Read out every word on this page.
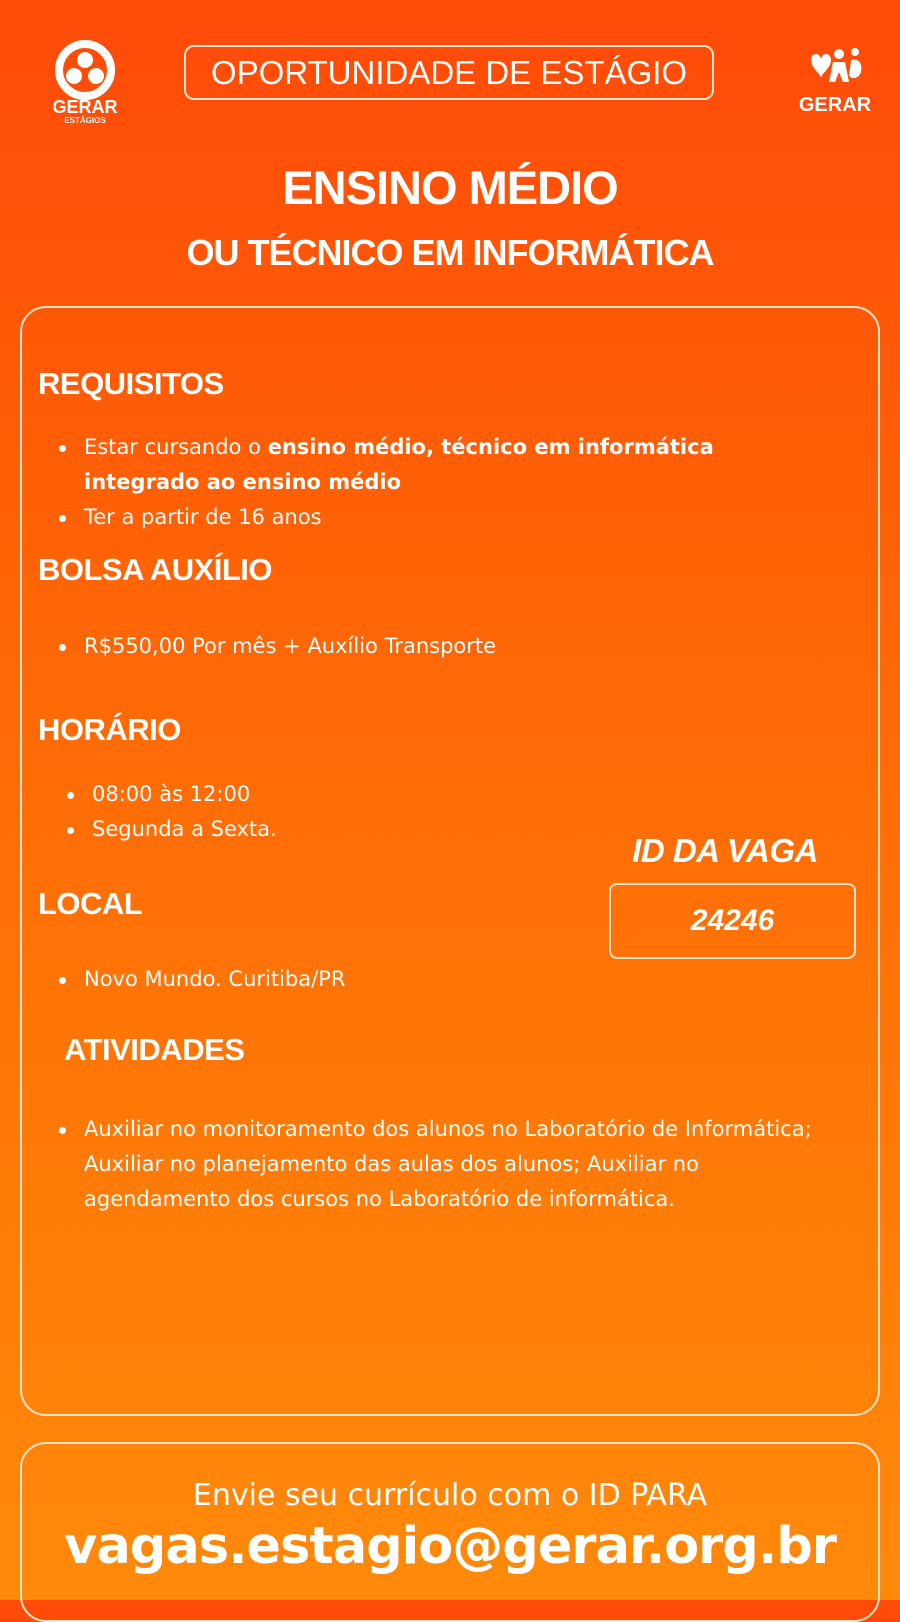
GERAR
ESTÁGIOS
OPORTUNIDADE DE ESTÁGIO
GERAR
ENSINO MÉDIO
OU TÉCNICO EM INFORMÁTICA
REQUISITOS
Estar cursando o ensino médio, técnico em informática integrado ao ensino médio
Ter a partir de 16 anos
BOLSA AUXÍLIO
R$550,00 Por mês + Auxílio Transporte
HORÁRIO
08:00 às 12:00
Segunda a Sexta.
LOCAL
Novo Mundo. Curitiba/PR
ATIVIDADES
Auxiliar no monitoramento dos alunos no Laboratório de Informática; Auxiliar no planejamento das aulas dos alunos; Auxiliar no agendamento dos cursos no Laboratório de informática.
ID DA VAGA
24246
Envie seu currículo com o ID PARA
vagas.estagio@gerar.org.br
